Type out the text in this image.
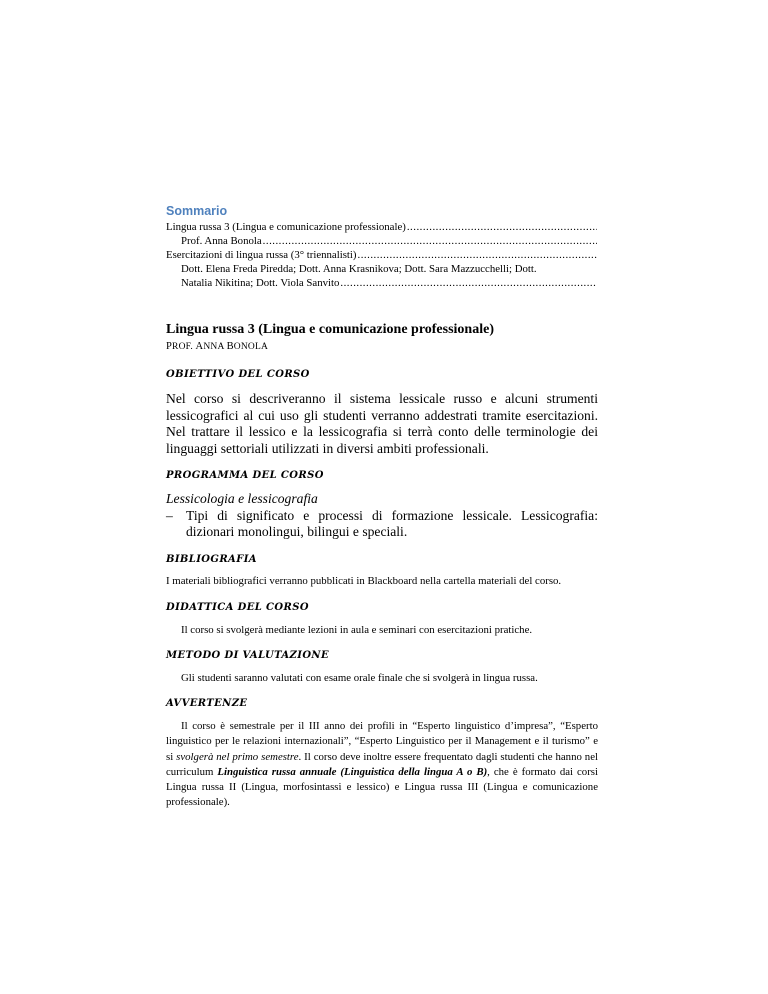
Sommario
Lingua russa 3 (Lingua e comunicazione professionale)
.....
Prof. Anna Bonola
.....
Esercitazioni di lingua russa (3° triennalisti)
.....
Dott. Elena Freda Piredda; Dott. Anna Krasnikova; Dott. Sara Mazzucchelli; Dott.
Natalia Nikitina; Dott. Viola Sanvito
.....
Lingua russa 3 (Lingua e comunicazione professionale)
PROF. ANNA BONOLA
OBIETTIVO DEL CORSO

Nel corso si descriveranno il sistema lessicale russo e alcuni strumenti lessicografici al cui uso gli studenti verranno addestrati tramite esercitazioni. Nel trattare il lessico e la lessicografia si terrà conto delle terminologie dei linguaggi settoriali utilizzati in diversi ambiti professionali.

PROGRAMMA DEL CORSO

Lessicologia e lessicografia

– Tipi di significato e processi di formazione lessicale. Lessicografia: dizionari monolingui, bilingui e speciali.
BIBLIOGRAFIA

I materiali bibliografici verranno pubblicati in Blackboard nella cartella materiali del corso.

DIDATTICA DEL CORSO

Il corso si svolgerà mediante lezioni in aula e seminari con esercitazioni pratiche.

METODO DI VALUTAZIONE

Gli studenti saranno valutati con esame orale finale che si svolgerà in lingua russa.

AVVERTENZE

Il corso è semestrale per il III anno dei profili in “Esperto linguistico d’impresa”, “Esperto linguistico per le relazioni internazionali”, “Esperto Linguistico per il Management e il turismo” e si svolgerà nel primo semestre. Il corso deve inoltre essere frequentato dagli studenti che hanno nel curriculum Linguistica russa annuale (Linguistica della lingua A o B), che è formato dai corsi Lingua russa II (Lingua, morfosintassi e lessico) e Lingua russa III (Lingua e comunicazione professionale).
